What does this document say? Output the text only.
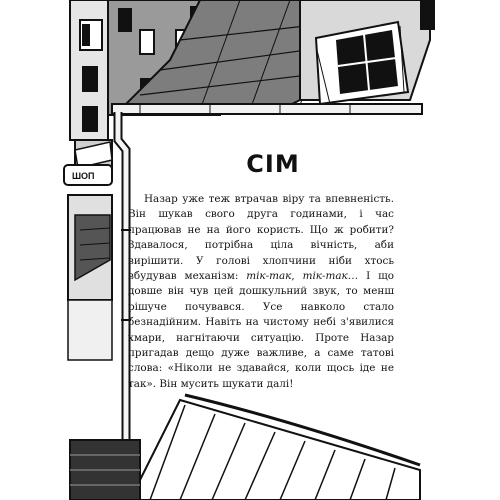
ШОП	СІМ

Назар уже теж втрачав віру та впевненість. Він шукав свого друга годинами, і час працював не на його користь. Що ж робити? Здавалося, потрібна ціла вічність, аби вирішити. У голові хлопчини ніби хтось вбудував механізм: тік-так, тік-так… І що довше він чув цей дошкульний звук, то менш рішуче почувався. Усе навколо стало безнадійним. Навіть на чистому небі з'явилися хмари, нагнітаючи ситуацію. Проте Назар пригадав дещо дуже важливе, а саме татові слова: «Ніколи не здавайся, коли щось іде не так». Він мусить шукати далі!
